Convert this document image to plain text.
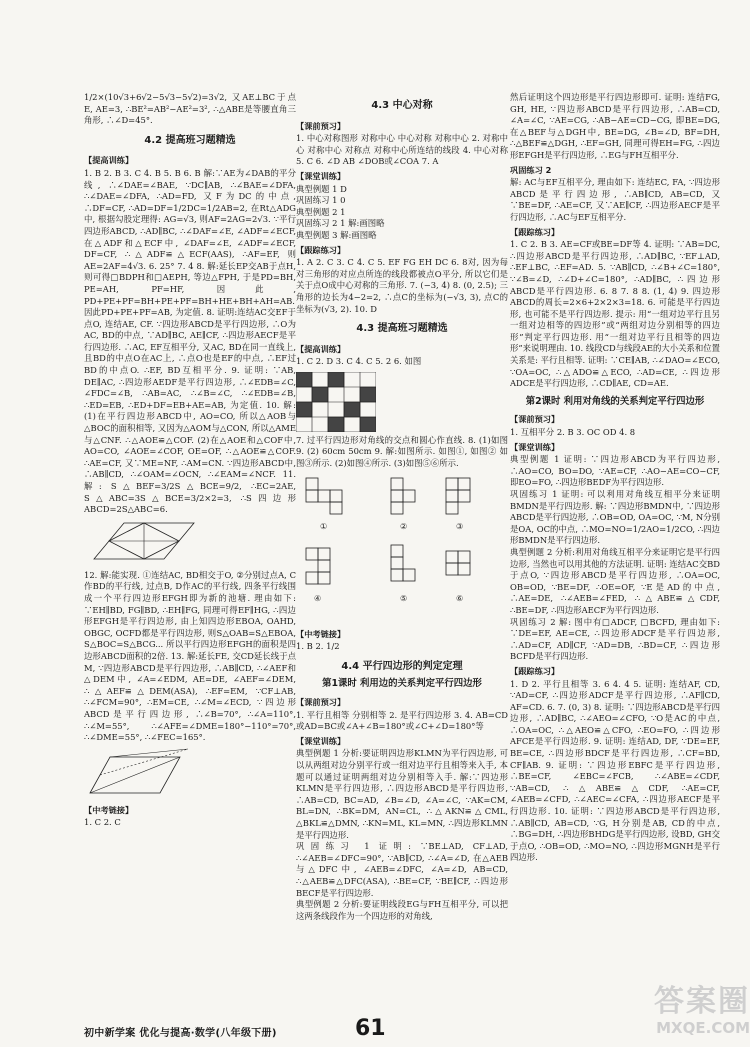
1/2×(10√3+6√2−5√3−5√2)=3√2, 又AE⊥BC于点E, AE=3, ∴BE²=AB²−AE²=3², ∴△ABE是等腰直角三角形, ∴∠D=45°.

4.2 提高班习题精选
【提高训练】

1. B 2. B 3. C 4. B 5. B 6. B 解:∵AE为∠DAB的平分线, ∴∠DAE=∠BAE, ∵DC∥AB, ∴∠BAE=∠DFA, ∴∠DAE=∠DFA, ∴AD=FD, 又F为DC的中点, ∴DF=CF, ∴AD=DF=1/2DC=1/2AB=2, 在Rt△ADG中, 根据勾股定理得: AG=√3, 则AF=2AG=2√3. ∵平行四边形ABCD, ∴AD∥BC, ∴∠DAF=∠E, ∠ADF=∠ECF, 在△ADF和△ECF中, ∠DAF=∠E, ∠ADF=∠ECF, DF=CF, ∴△ADF≌△ECF(AAS), ∴AF=EF, 则AE=2AF=4√3. 6. 25° 7. 4 8. 解:延长EP交AB于点H, 则可得□BDPH和□AEPH, 等边△FPH, 于是PD=BH, PE=AH, PF=HF, 因此, PD+PE+PF=BH+PE+PF=BH+HE+BH+AH=AB. 因此PD+PE+PF=AB, 为定值. 8. 证明:连结AC交EF于点O, 连结AE, CF. ∵四边形ABCD是平行四边形, ∴O为AC, BD的中点, ∵AD∥BC, AE∥CF, ∴四边形AECF是平行四边形. ∴AC, EF互相平分, 又AC, BD在同一直线上, 且BD的中点O在AC上, ∴点O也是EF的中点, ∴EF过BD的中点O. ∴EF, BD互相平分. 9. 证明: ∵AB, DE∥AC, ∴四边形AEDF是平行四边形, ∴∠EDB=∠C, ∠FDC=∠B, ∴AB=AC, ∴∠B=∠C, ∴∠EDB=∠B, ∴ED=EB, ∴ED+DF=EB+AE=AB, 为定值. 10. 解:(1)在平行四边形ABCD中, AO=CO, 所以△AOB与△BOC的面积相等, 又因为△AOM与△CON, 所以△AME与△CNF. ∴△AOE≌△COF. (2)在△AOE和△COF中, AO=CO, ∠AOE=∠COF, OE=OF, ∴△AOE≌△COF. ∴AE=CF, 又∵ME=NF, ∴AM=CN. ∵四边形ABCD中, ∴AB∥CD, ∴∠OAM=∠OCN, ∴∠EAM=∠NCF. 11. 解: S△BEF=3/2S△BCE=9/2, ∴EC=2AE, S△ABC=3S△BCE=3/2×2=3, ∴S四边形ABCD=2S△ABC=6.

12. 解:能实现. ①连结AC, BD相交于O, ②分别过点A, C作BD的平行线, 过点B, D作AC的平行线, 四条平行线围成一个平行四边形EFGH即为新的池塘. 理由如下: ∵EH∥BD, FG∥BD, ∴EH∥FG, 同理可得EF∥HG, ∴四边形EFGH是平行四边形, 由上知四边形EBOA, OAHD, OBGC, OCFD都是平行四边形, 则S△OAB=S△EBOA, S△BOC=S△BCG... 所以平行四边形EFGH的面积是四边形ABCD面积的2倍. 13. 解:延长FE, 交CD延长线于点M, ∵四边形ABCD是平行四边形, ∴AB∥CD, ∴∠AEF和△DEM中, ∠A=∠EDM, AE=DE, ∠AEF=∠DEM, ∴△AEF≌△DEM(ASA), ∴EF=EM, ∵CF⊥AB, ∴∠FCM=90°, ∴EM=CE, ∴∠M=∠ECD, ∵四边形ABCD是平行四边形, ∴∠B=70°, ∴∠A=110°, ∴∠M=55°, ∴∠AFE=∠DME=180°−110°=70°, ∴∠DME=55°, ∴∠FEC=165°.

【中考链接】

1. C 2. C

4.3 中心对称
【课前预习】

1. 中心对称图形 对称中心 中心对称 对称中心 2. 对称中心 对称中心 对称点 对称中心所连结的线段 4. 中心对称 5. C 6. ∠D AB ∠DOB或∠COA 7. A

【课堂训练】

典型例题 1 D
巩固练习 1 0
典型例题 2 1
巩固练习 2 1 解:画图略
典型例题 3 解:画图略

【跟踪练习】

1. A 2. C 3. C 4. C 5. EF FG EH DC 6. 8对, 因为每对三角形的对应点所连的线段都被点O平分, 所以它们是关于点O成中心对称的三角形. 7. (−3, 4) 8. (0, 2.5); 三角形的边长为4−2=2, ∴点C的坐标为(−√3, 3), 点C的坐标为(√3, 2). 10. D

4.3 提高班习题精选
【提高训练】

1. C 2. D 3. C 4. C 5. 2 6. 如图

7. 过平行四边形对角线的交点和圆心作直线. 8. (1)如图 9. (2) 60cm 50cm 9. 解:如图所示. 如图①, 如图② 如图③所示. (2)如图④所示. (3)如图⑤⑥所示.

①	②	③
④	⑤	⑥
【中考链接】

1. B 2. 1/2

4.4 平行四边形的判定定理
第1课时 利用边的关系判定平行四边形
【课前预习】

1. 平行且相等 分别相等 2. 是平行四边形 3. 4. AB=CD或AD=BC或∠A+∠B=180°或∠C+∠D=180°等

【课堂训练】

典型例题 1 分析:要证明四边形KLMN为平行四边形, 可以从两组对边分别平行或一组对边平行且相等来入手, 本题可以通过证明两组对边分别相等入手. 解:∵四边形KLMN是平行四边形, ∴四边形ABCD是平行四边形, ∴AB=CD, BC=AD, ∠B=∠D, ∠A=∠C, ∵AK=CM, BL=DN, ∴BK=DM, AN=CL, ∴△AKN≌△CML, △BKL≌△DMN, ∴KN=ML, KL=MN, ∴四边形KLMN是平行四边形.
巩固练习 1 证明: ∵BE⊥AD, CF⊥AD, ∴∠AEB=∠DFC=90°, ∵AB∥CD, ∴∠A=∠D, 在△AEB与△DFC中, ∠AEB=∠DFC, ∠A=∠D, AB=CD, ∴△AEB≌△DFC(ASA), ∴BE=CF, ∵BE∥CF, ∴四边形BECF是平行四边形.
典型例题 2 分析:要证明线段EG与FH互相平分, 可以把这两条线段作为一个四边形的对角线,

然后证明这个四边形是平行四边形即可. 证明: 连结FG, GH, HE, ∵四边形ABCD是平行四边形, ∴AB=CD, ∠A=∠C, ∵AE=CG, ∴AB−AE=CD−CG, 即BE=DG, 在△BEF与△DGH中, BE=DG, ∠B=∠D, BF=DH, ∴△BEF≌△DGH, ∴EF=GH, 同理可得EH=FG, ∴四边形EFGH是平行四边形, ∴EG与FH互相平分.

巩固练习 2

解: AC与EF互相平分, 理由如下: 连结EC, FA, ∵四边形ABCD是平行四边形, ∴AB∥CD, AB=CD, 又∵BE=DF, ∴AE=CF, 又∵AE∥CF, ∴四边形AECF是平行四边形, ∴AC与EF互相平分.

【跟踪练习】

1. C 2. B 3. AE=CF或BE=DF等 4. 证明: ∵AB=DC, ∴四边形ABCD是平行四边形, ∴AD∥BC, ∵EF⊥AD, ∴EF⊥BC, ∴EF=AD. 5. ∵AB∥CD, ∴∠B+∠C=180°, ∵∠B=∠D, ∴∠D+∠C=180°, ∴AD∥BC, ∴四边形ABCD是平行四边形. 6. 8 7. 8 8. (1, 4) 9. 四边形ABCD的周长=2×6+2×2×3=18. 6. 可能是平行四边形, 也可能不是平行四边形. 提示: 用“一组对边平行且另一组对边相等的四边形”或“两组对边分别相等的四边形”判定平行四边形. 用“一组对边平行且相等的四边形”来说明理由. 10. 线段CD与线段AE的大小关系和位置关系是: 平行且相等. 证明: ∵CE∥AB, ∴∠DAO=∠ECO, ∵OA=OC, ∴△ADO≌△ECO, ∴AD=CE, ∴四边形ADCE是平行四边形, ∴CD∥AE, CD=AE.

第2课时 利用对角线的关系判定平行四边形
【课前预习】

1. 互相平分 2. B 3. OC OD 4. 8

【课堂训练】

典型例题 1 证明: ∵四边形ABCD为平行四边形, ∴AO=CO, BO=DO, ∵AE=CF, ∴AO−AE=CO−CF, 即EO=FO, ∴四边形BEDF为平行四边形.
巩固练习 1 证明: 可以利用对角线互相平分来证明BMDN是平行四边形. 解: ∵四边形BMDN中, ∵四边形ABCD是平行四边形, ∴OB=OD, OA=OC, ∵M, N分别是OA, OC的中点, ∴MO=NO=1/2AO=1/2CO, ∴四边形BMDN是平行四边形.
典型例题 2 分析:利用对角线互相平分来证明它是平行四边形, 当然也可以用其他的方法证明. 证明: 连结AC交BD于点O, ∵四边形ABCD是平行四边形, ∴OA=OC, OB=OD, ∵BE=DF, ∴OE=OF, ∵E是AD的中点, ∴AE=DE, ∴∠AEB=∠FED, ∴△ABE≌△CDF, ∴BE=DF, ∴四边形AECF为平行四边形.
巩固练习 2 解: 图中有□ADCF, □BCFD, 理由如下: ∵DE=EF, AE=CE, ∴四边形ADCF是平行四边形, ∴AD=CF, AD∥CF, ∵AD=DB, ∴BD=CF, ∴四边形BCFD是平行四边形.

【跟踪练习】

1. D 2. 平行且相等 3. 6 4. 4 5. 证明: 连结AF, CD, ∵AD=CF, ∴四边形ADCF是平行四边形, ∴AF∥CD, AF=CD. 6. 7. (0, 3) 8. 证明: ∵四边形ABCD是平行四边形, ∴AD∥BC, ∴∠AEO=∠CFO, ∵O是AC的中点, ∴OA=OC, ∴△AEO≌△CFO, ∴EO=FO, ∴四边形AFCE是平行四边形. 9. 证明: 连结AD, DF, ∵DE=EF, BE=CE, ∴四边形BDCF是平行四边形, ∴CF=BD, CF∥AB. 9. 证明: ∵四边形EBFC是平行四边形, ∴BE=CF, ∠EBC=∠FCB, ∴∠ABE=∠CDF, ∵AB=CD, ∴△ABE≌△CDF, ∴AE=CF, ∠AEB=∠CFD, ∴∠AEC=∠CFA, ∴四边形AECF是平行四边形. 10. 证明: ∵四边形ABCD是平行四边形, ∴AB∥CD, AB=CD, ∵G, H分别是AB, CD的中点, ∴BG=DH, ∴四边形BHDG是平行四边形, 设BD, GH交于点O, ∴OB=OD, ∴MO=NO, ∴四边形MGNH是平行四边形.

初中新学案 优化与提高·数学(八年级下册)	61
答案圈
MXQE.COM
